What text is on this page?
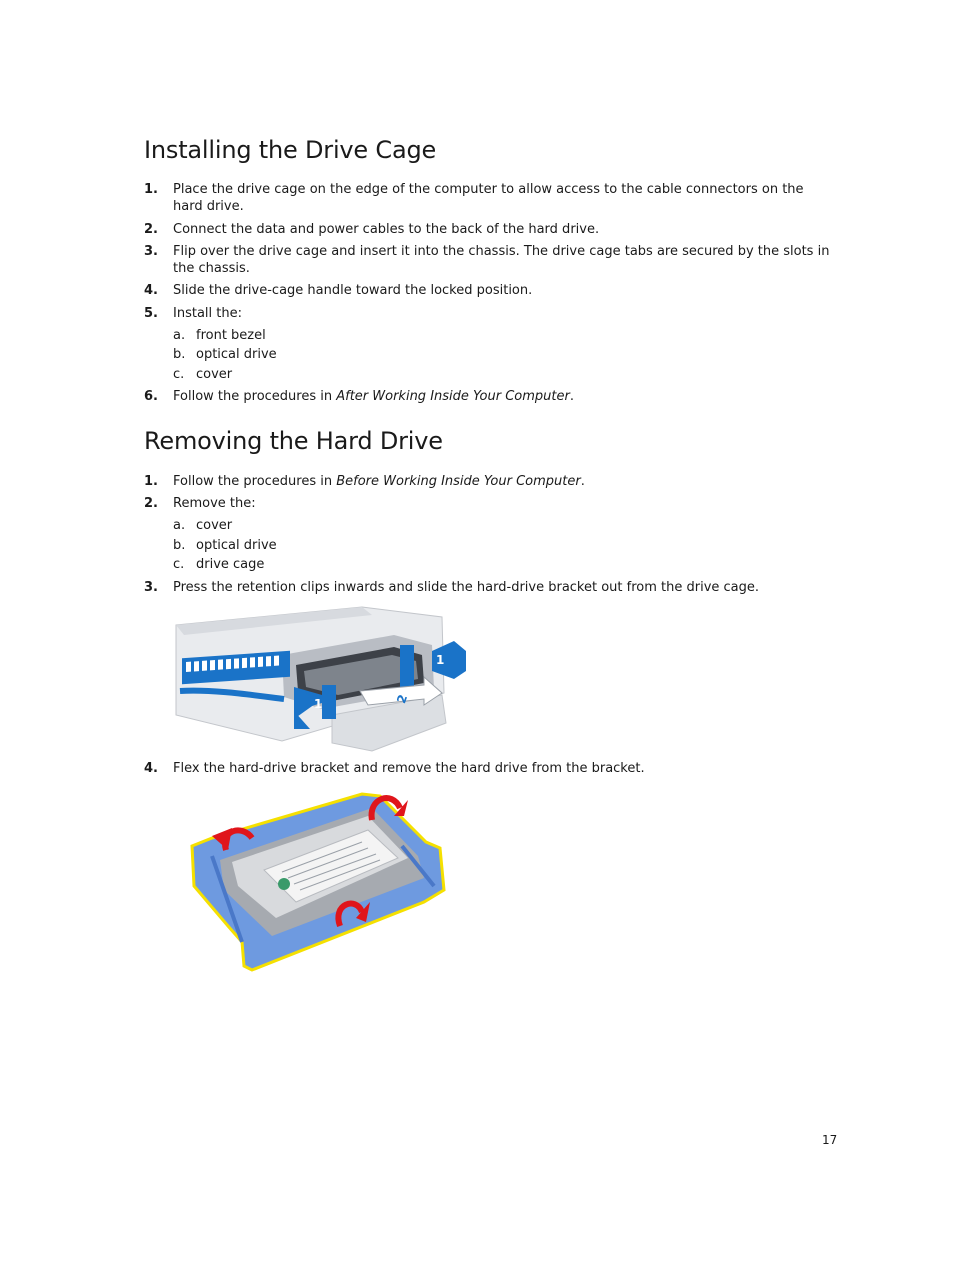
Installing the Drive Cage
1. Place the drive cage on the edge of the computer to allow access to the cable connectors on the hard drive.
2. Connect the data and power cables to the back of the hard drive.
3. Flip over the drive cage and insert it into the chassis. The drive cage tabs are secured by the slots in the chassis.
4. Slide the drive-cage handle toward the locked position.
5. Install the:
a. front bezel
b. optical drive
c. cover
6. Follow the procedures in After Working Inside Your Computer.
Removing the Hard Drive
1. Follow the procedures in Before Working Inside Your Computer.
2. Remove the:
a. cover
b. optical drive
c. drive cage
3. Press the retention clips inwards and slide the hard-drive bracket out from the drive cage.
1
1	2
4. Flex the hard-drive bracket and remove the hard drive from the bracket.
17
